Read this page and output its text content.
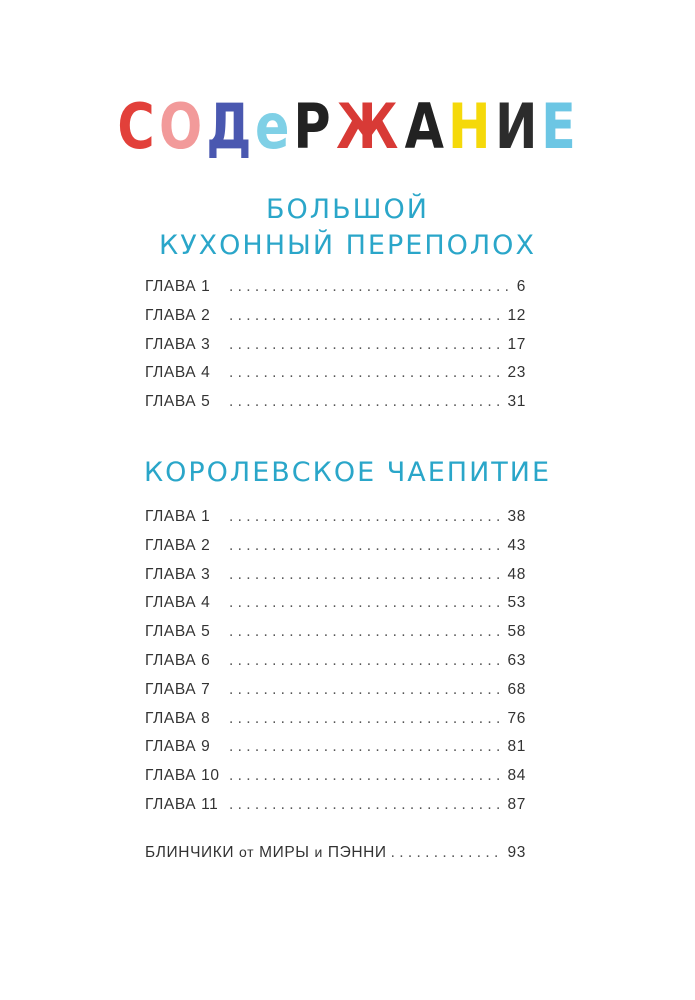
СОДеРЖАНИЕ
БОЛЬШОЙ
КУХОННЫЙ ПЕРЕПОЛОХ
ГЛАВА 1 . . .	6
ГЛАВА 2 . . .	12
ГЛАВА 3 . . .	17
ГЛАВА 4 . . .	23
ГЛАВА 5 . . .	31
КОРОЛЕВСКОЕ ЧАЕПИТИЕ
ГЛАВА 1 . . .	38
ГЛАВА 2 . . .	43
ГЛАВА 3 . . .	48
ГЛАВА 4 . . .	53
ГЛАВА 5 . . .	58
ГЛАВА 6 . . .	63
ГЛАВА 7 . . .	68
ГЛАВА 8 . . .	76
ГЛАВА 9 . . .	81
ГЛАВА 10 . . .	84
ГЛАВА 11 . . .	87
БЛИНЧИКИ от МИРЫ и ПЭННИ . . .	93
